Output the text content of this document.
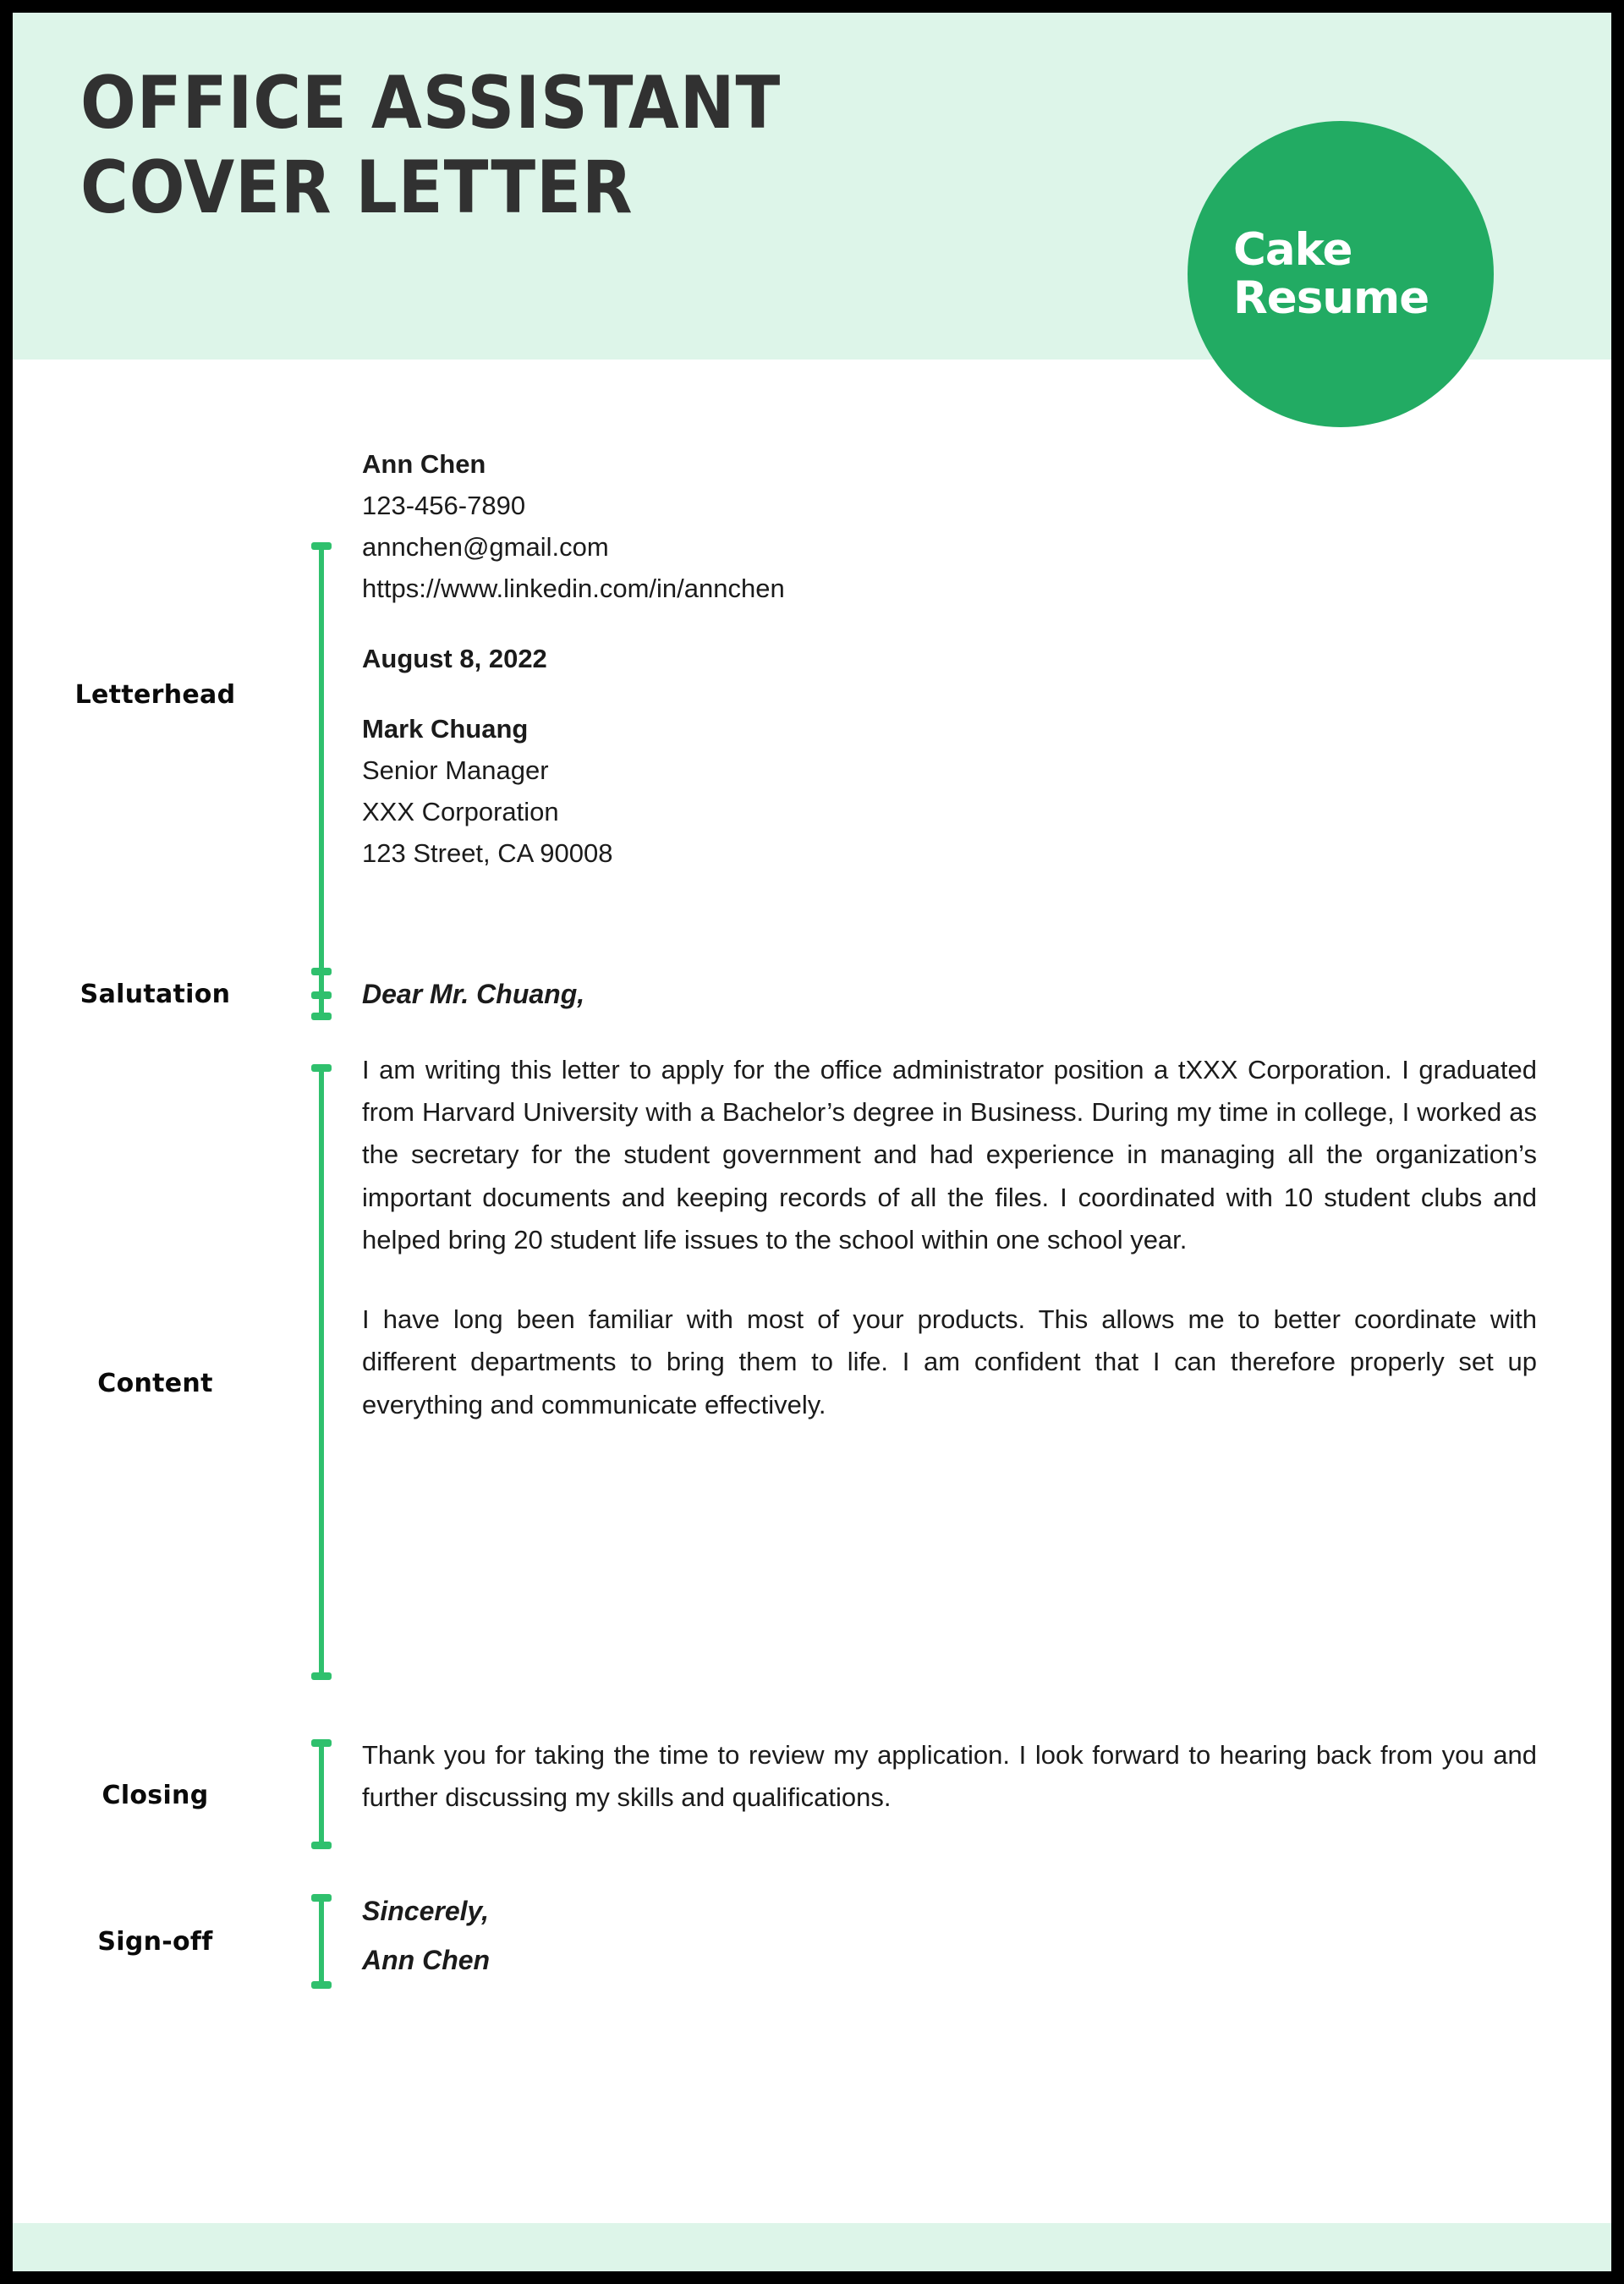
OFFICE ASSISTANT
COVER LETTER
Cake
Resume
Letterhead
Ann Chen
123-456-7890
annchen@gmail.com
https://www.linkedin.com/in/annchen
August 8, 2022
Mark Chuang
Senior Manager
XXX Corporation
123 Street, CA 90008
Salutation	Dear Mr. Chuang,
Content

I am writing this letter to apply for the office administrator position a tXXX Corporation. I graduated from Harvard University with a Bachelor’s degree in Business. During my time in college, I worked as the secretary for the student government and had experience in managing all the organization’s important documents and keeping records of all the files. I coordinated with 10 student clubs and helped bring 20 student life issues to the school within one school year.

I have long been familiar with most of your products. This allows me to better coordinate with different departments to bring them to life. I am confident that I can therefore properly set up everything and communicate effectively.

Closing

Thank you for taking the time to review my application. I look forward to hearing back from you and further discussing my skills and qualifications.

Sign-off
Sincerely,
Ann Chen
